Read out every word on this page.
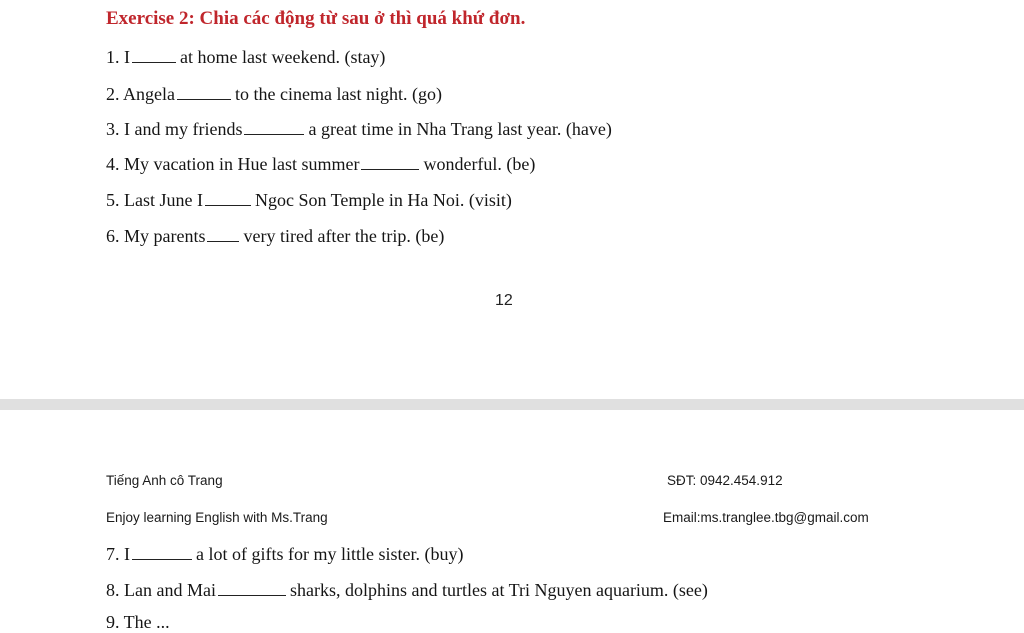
Exercise 2: Chia các động từ sau ở thì quá khứ đơn.
1. I	at home last weekend. (stay)
2. Angela	to the cinema last night. (go)
3. I and my friends	a great time in Nha Trang last year. (have)
4. My vacation in Hue last summer	wonderful. (be)
5. Last June I	Ngoc Son Temple in Ha Noi. (visit)
6. My parents very tired after the trip. (be)
12
Tiếng Anh cô Trang
Enjoy learning English with Ms.Trang
SĐT: 0942.454.912
Email:ms.tranglee.tbg@gmail.com
7. I	a lot of gifts for my little sister. (buy)
8. Lan and Mai	sharks, dolphins and turtles at Tri Nguyen aquarium. (see)
9. The ...
